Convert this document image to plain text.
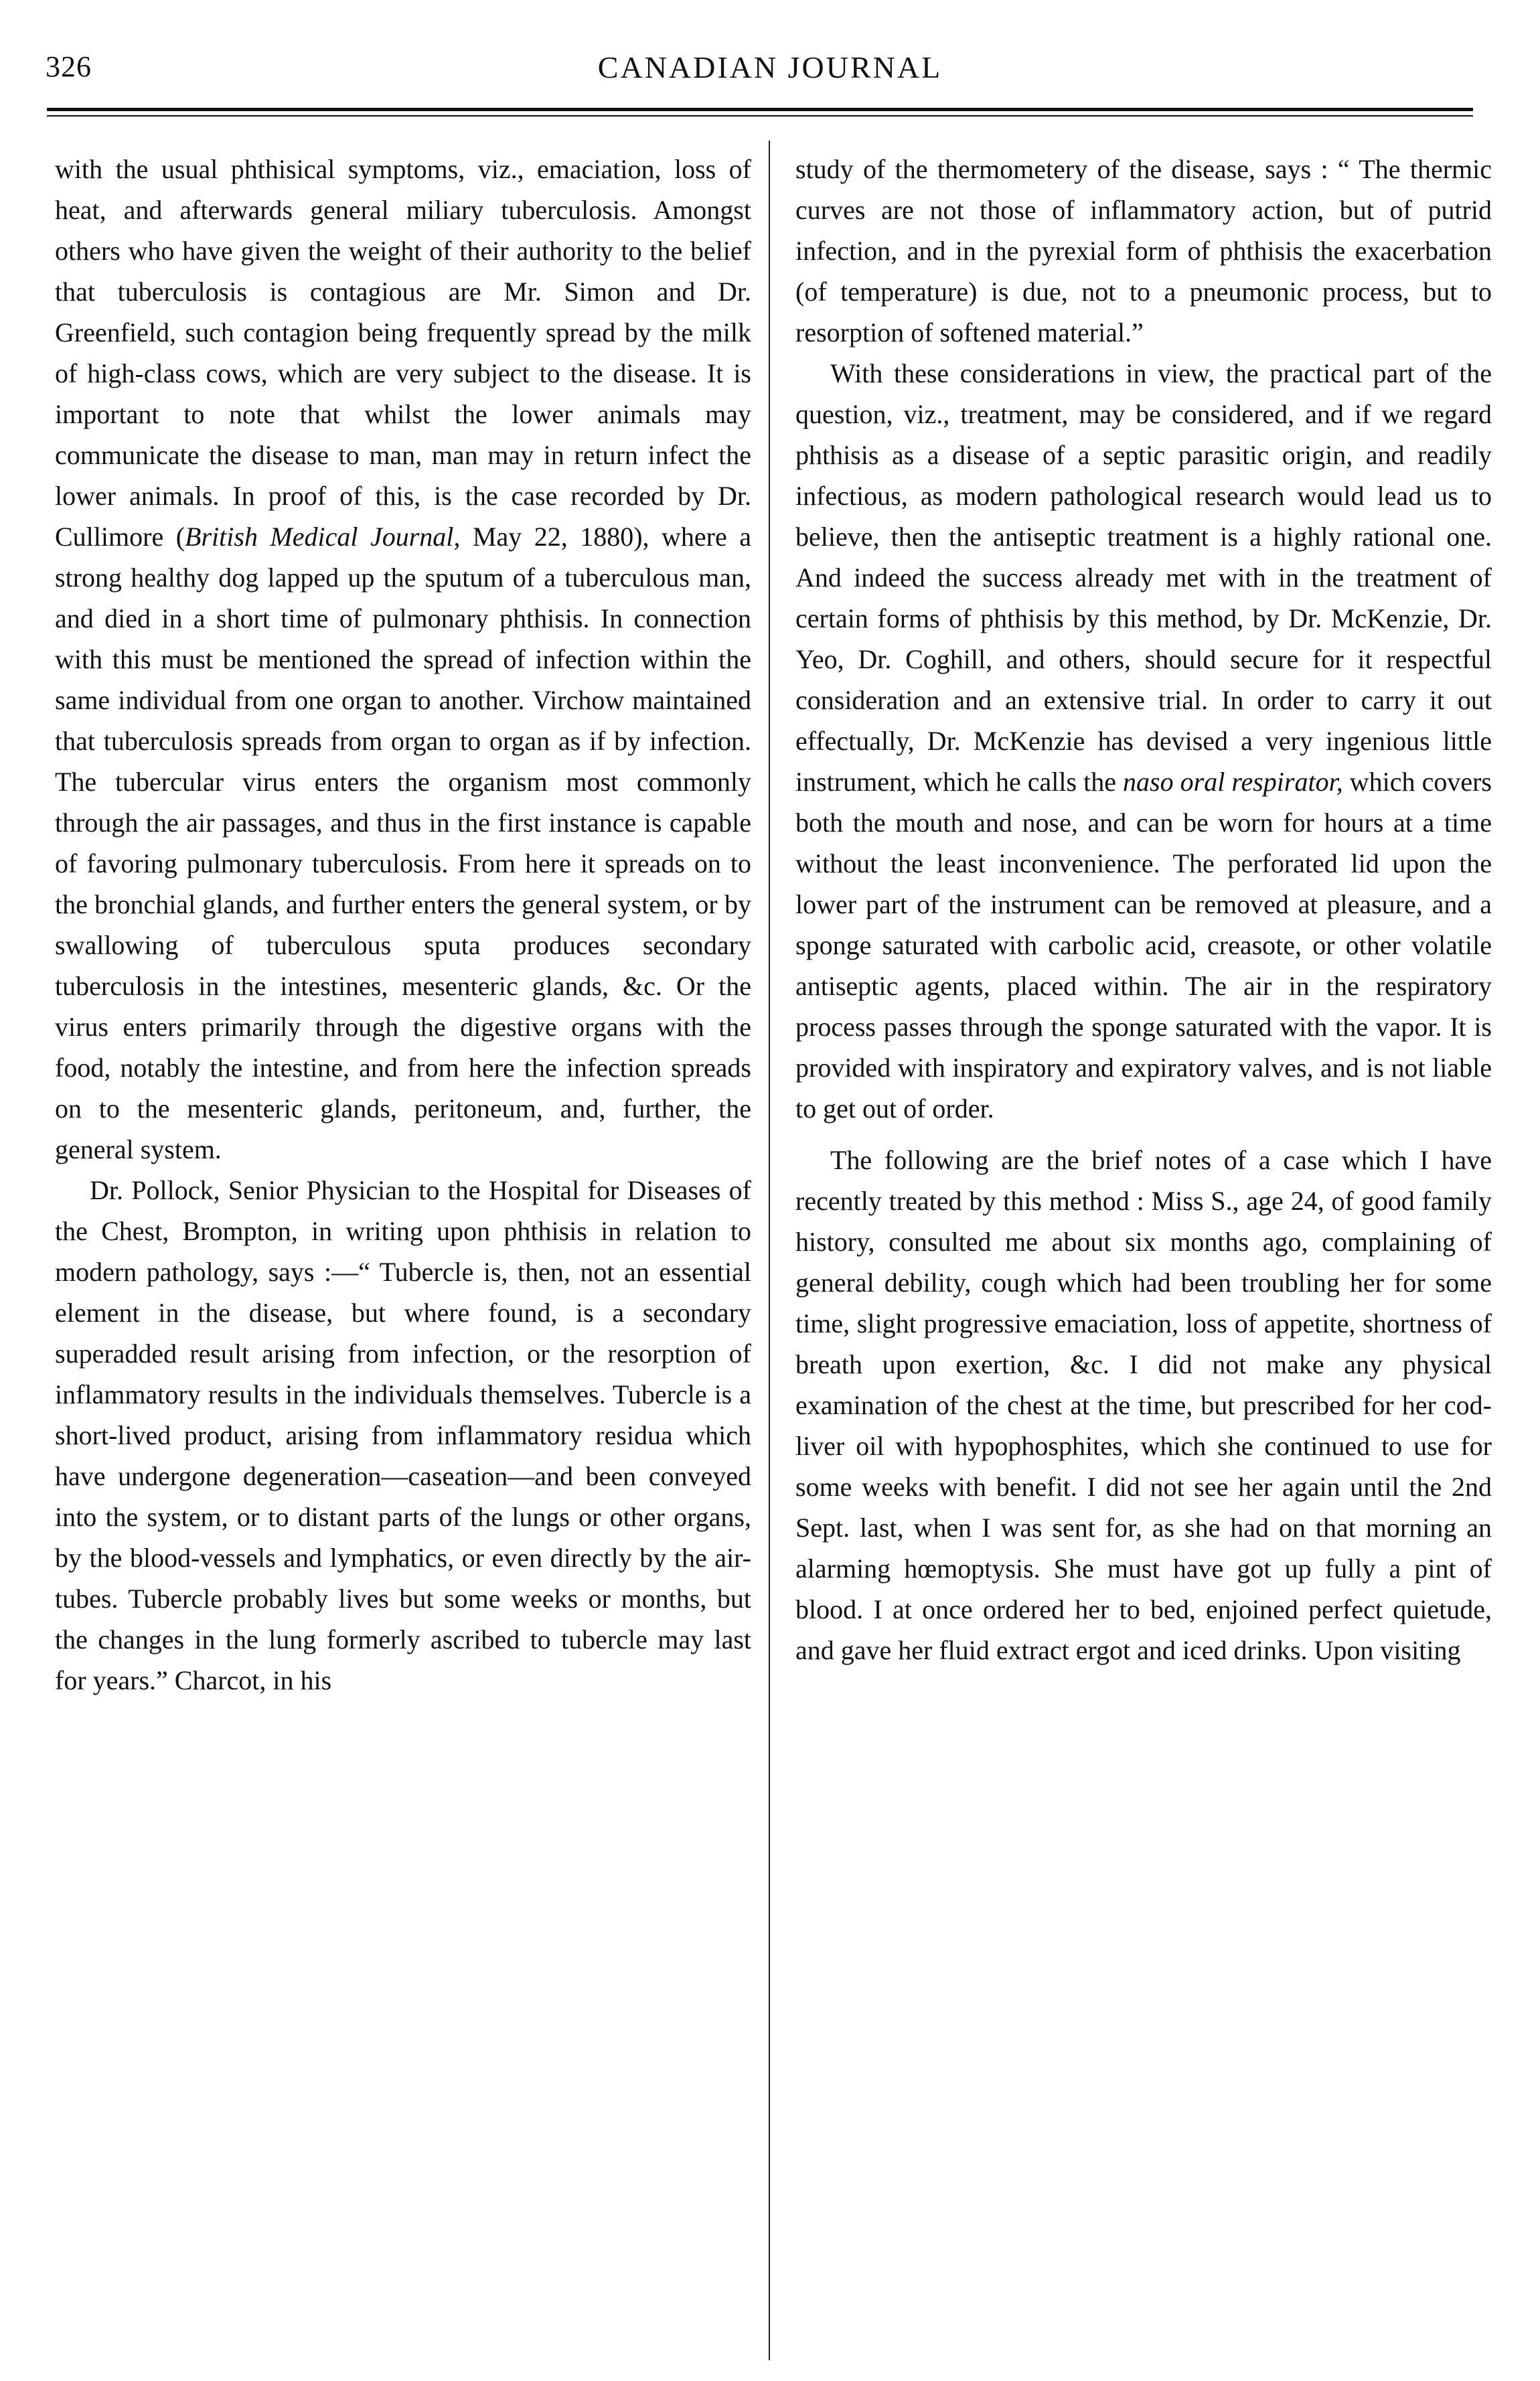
326	CANADIAN JOURNAL

with the usual phthisical symptoms, viz., emaciation, loss of heat, and afterwards general miliary tuberculosis. Amongst others who have given the weight of their authority to the belief that tuberculosis is contagious are Mr. Simon and Dr. Greenfield, such contagion being frequently spread by the milk of high-class cows, which are very subject to the disease. It is important to note that whilst the lower animals may communicate the disease to man, man may in return infect the lower animals. In proof of this, is the case recorded by Dr. Cullimore (British Medical Journal, May 22, 1880), where a strong healthy dog lapped up the sputum of a tuberculous man, and died in a short time of pulmonary phthisis. In connection with this must be mentioned the spread of infection within the same individual from one organ to another. Virchow maintained that tuberculosis spreads from organ to organ as if by infection. The tubercular virus enters the organism most commonly through the air passages, and thus in the first instance is capable of favoring pulmonary tuberculosis. From here it spreads on to the bronchial glands, and further enters the general system, or by swallowing of tuberculous sputa produces secondary tuberculosis in the intestines, mesenteric glands, &c. Or the virus enters primarily through the digestive organs with the food, notably the intestine, and from here the infection spreads on to the mesenteric glands, peritoneum, and, further, the general system.

Dr. Pollock, Senior Physician to the Hospital for Diseases of the Chest, Brompton, in writing upon phthisis in relation to modern pathology, says :—“ Tubercle is, then, not an essential element in the disease, but where found, is a secondary superadded result arising from infection, or the resorption of inflammatory results in the individuals themselves. Tubercle is a short-lived product, arising from inflammatory residua which have undergone degeneration—caseation—and been conveyed into the system, or to distant parts of the lungs or other organs, by the blood-vessels and lymphatics, or even directly by the air-tubes. Tubercle probably lives but some weeks or months, but the changes in the lung formerly ascribed to tubercle may last for years.” Charcot, in his

study of the thermometery of the disease, says : “ The thermic curves are not those of inflammatory action, but of putrid infection, and in the pyrexial form of phthisis the exacerbation (of temperature) is due, not to a pneumonic process, but to resorption of softened material.”

With these considerations in view, the practical part of the question, viz., treatment, may be considered, and if we regard phthisis as a disease of a septic parasitic origin, and readily infectious, as modern pathological research would lead us to believe, then the antiseptic treatment is a highly rational one. And indeed the success already met with in the treatment of certain forms of phthisis by this method, by Dr. McKenzie, Dr. Yeo, Dr. Coghill, and others, should secure for it respectful consideration and an extensive trial. In order to carry it out effectually, Dr. McKenzie has devised a very ingenious little instrument, which he calls the naso oral respirator, which covers both the mouth and nose, and can be worn for hours at a time without the least inconvenience. The perforated lid upon the lower part of the instrument can be removed at pleasure, and a sponge saturated with carbolic acid, creasote, or other volatile antiseptic agents, placed within. The air in the respiratory process passes through the sponge saturated with the vapor. It is provided with inspiratory and expiratory valves, and is not liable to get out of order.

The following are the brief notes of a case which I have recently treated by this method : Miss S., age 24, of good family history, consulted me about six months ago, complaining of general debility, cough which had been troubling her for some time, slight progressive emaciation, loss of appetite, shortness of breath upon exertion, &c. I did not make any physical examination of the chest at the time, but prescribed for her cod-liver oil with hypophosphites, which she continued to use for some weeks with benefit. I did not see her again until the 2nd Sept. last, when I was sent for, as she had on that morning an alarming hœmoptysis. She must have got up fully a pint of blood. I at once ordered her to bed, enjoined perfect quietude, and gave her fluid extract ergot and iced drinks. Upon visiting
